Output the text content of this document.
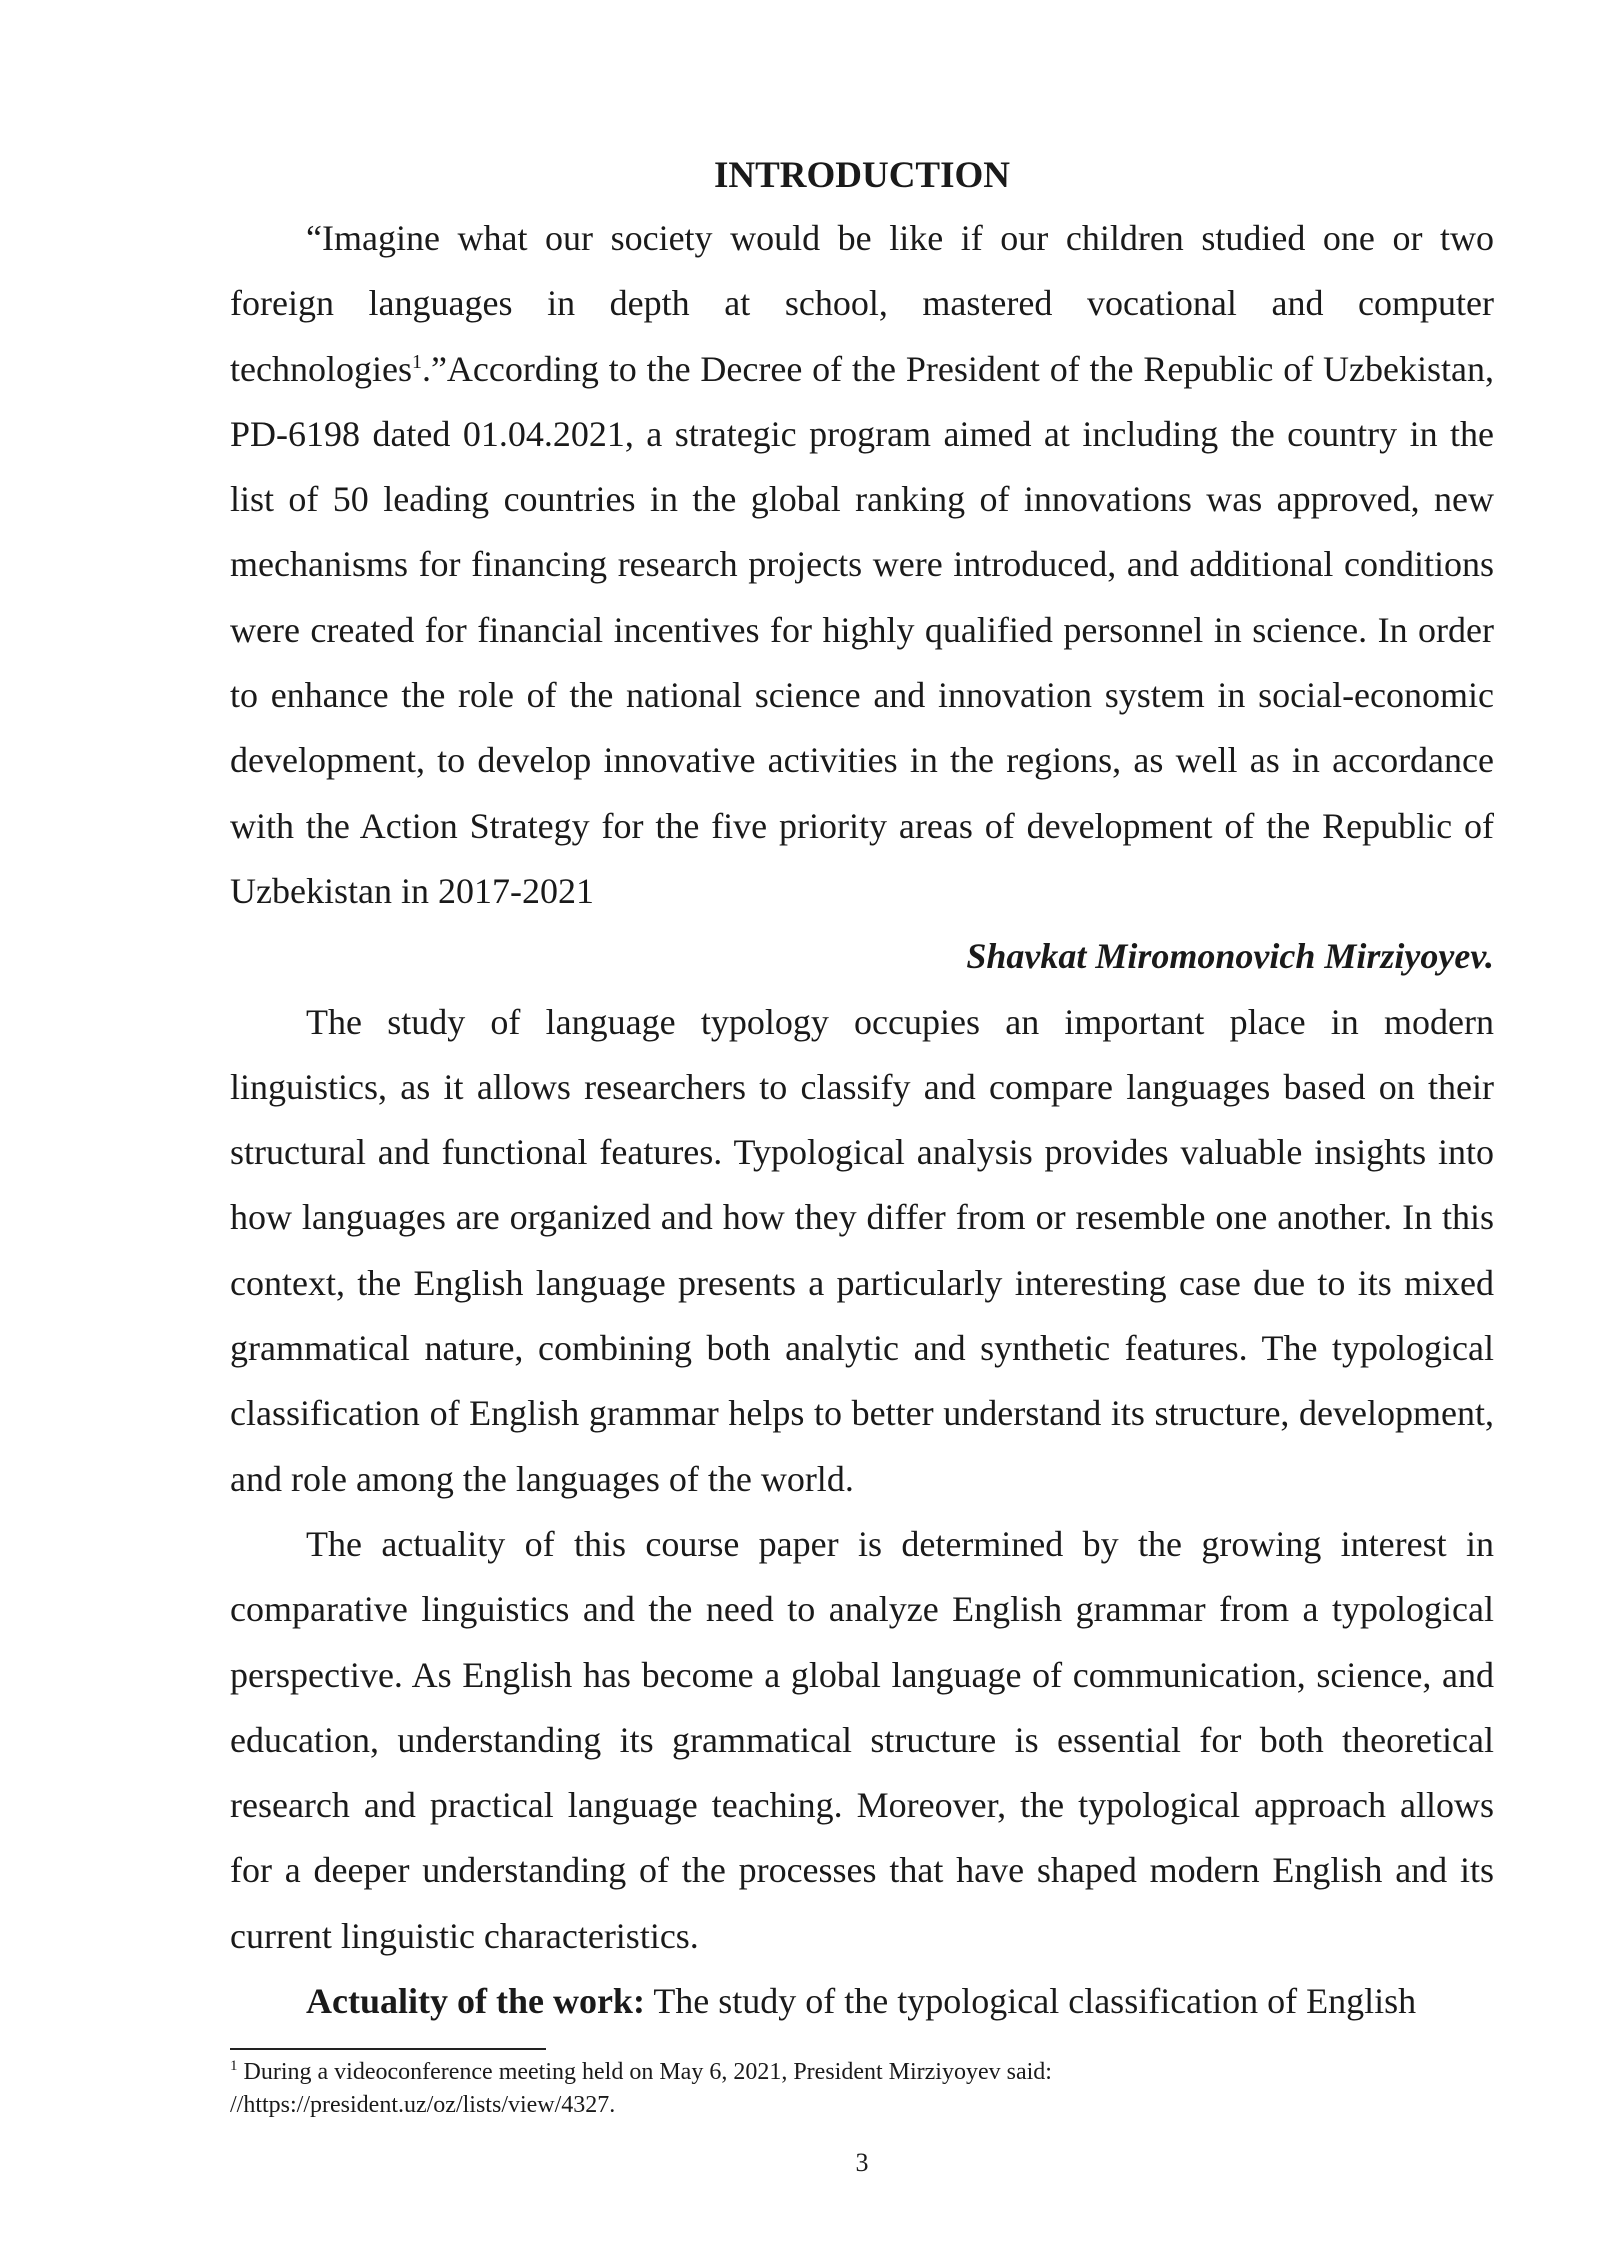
INTRODUCTION

“Imagine what our society would be like if our children studied one or two foreign languages in depth at school, mastered vocational and computer technologies$^1$.”According to the Decree of the President of the Republic of Uzbekistan, PD-6198 dated 01.04.2021, a strategic program aimed at including the country in the list of 50 leading countries in the global ranking of innovations was approved, new mechanisms for financing research projects were introduced, and additional conditions were created for financial incentives for highly qualified personnel in science. In order to enhance the role of the national science and innovation system in social-economic development, to develop innovative activities in the regions, as well as in accordance with the Action Strategy for the five priority areas of development of the Republic of Uzbekistan in 2017-2021

Shavkat Miromonovich Mirziyoyev.

The study of language typology occupies an important place in modern linguistics, as it allows researchers to classify and compare languages based on their structural and functional features. Typological analysis provides valuable insights into how languages are organized and how they differ from or resemble one another. In this context, the English language presents a particularly interesting case due to its mixed grammatical nature, combining both analytic and synthetic features. The typological classification of English grammar helps to better understand its structure, development, and role among the languages of the world.

The actuality of this course paper is determined by the growing interest in comparative linguistics and the need to analyze English grammar from a typological perspective. As English has become a global language of communication, science, and education, understanding its grammatical structure is essential for both theoretical research and practical language teaching. Moreover, the typological approach allows for a deeper understanding of the processes that have shaped modern English and its current linguistic characteristics.

Actuality of the work: The study of the typological classification of English

$^1$ During a videoconference meeting held on May 6, 2021, President Mirziyoyev said:
//https://president.uz/oz/lists/view/4327.
3
